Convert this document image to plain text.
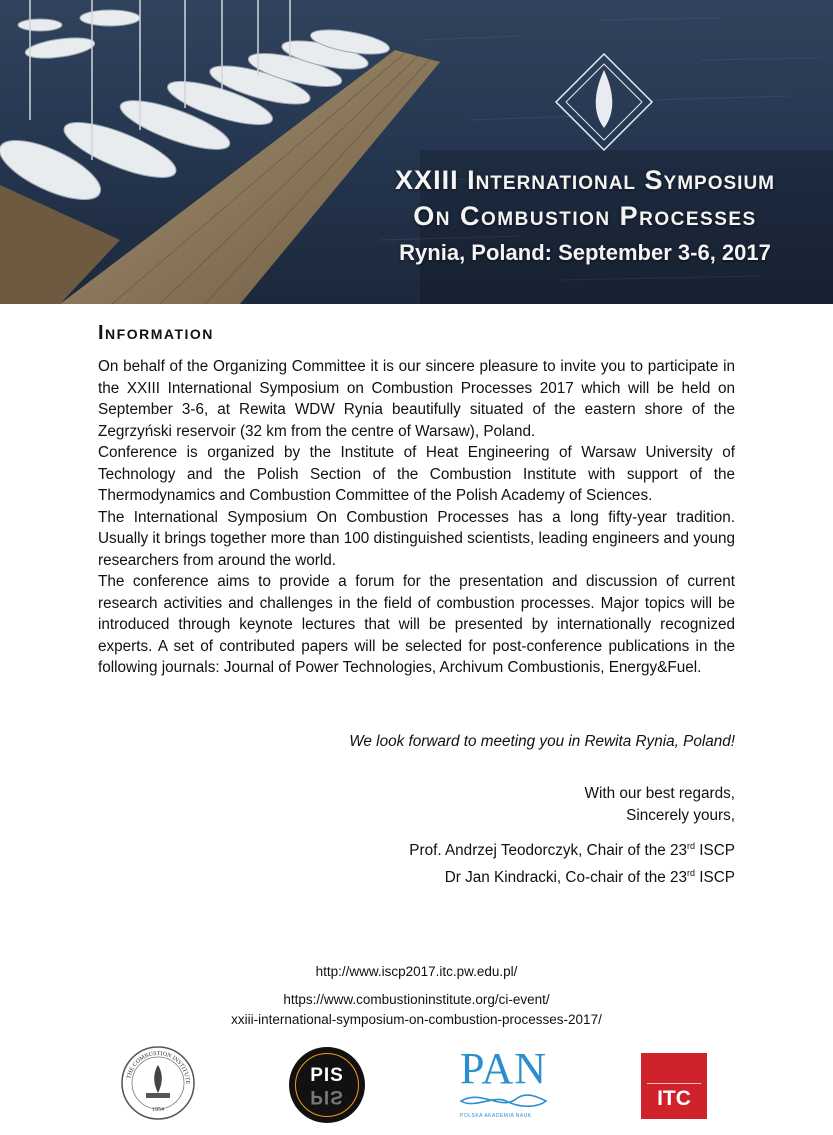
XXIII International Symposium
On Combustion Processes
Rynia, Poland: September 3-6, 2017
Information

On behalf of the Organizing Committee it is our sincere pleasure to invite you to participate in the XXIII International Symposium on Combustion Processes 2017 which will be held on September 3-6, at Rewita WDW Rynia beautifully situated of the eastern shore of the Zegrzyński reservoir (32 km from the centre of Warsaw), Poland.

Conference is organized by the Institute of Heat Engineering of Warsaw University of Technology and the Polish Section of the Combustion Institute with support of the Thermodynamics and Combustion Committee of the Polish Academy of Sciences.

The International Symposium On Combustion Processes has a long fifty-year tradition. Usually it brings together more than 100 distinguished scientists, leading engineers and young researchers from around the world.

The conference aims to provide a forum for the presentation and discussion of current research activities and challenges in the field of combustion processes. Major topics will be introduced through keynote lectures that will be presented by internationally recognized experts. A set of contributed papers will be selected for post-conference publications in the following journals: Journal of Power Technologies, Archivum Combustionis, Energy&Fuel.

We look forward to meeting you in Rewita Rynia, Poland!
With our best regards,
Sincerely yours,
Prof. Andrzej Teodorczyk, Chair of the 23rd ISCP
Dr Jan Kindracki, Co-chair of the 23rd ISCP
http://www.iscp2017.itc.pw.edu.pl/
https://www.combustioninstitute.org/ci-event/
xxiii-international-symposium-on-combustion-processes-2017/
THE COMBUSTION INSTITUTE
1954
PIS
PIS
PAN
POLSKA AKADEMIA NAUK
ITC
